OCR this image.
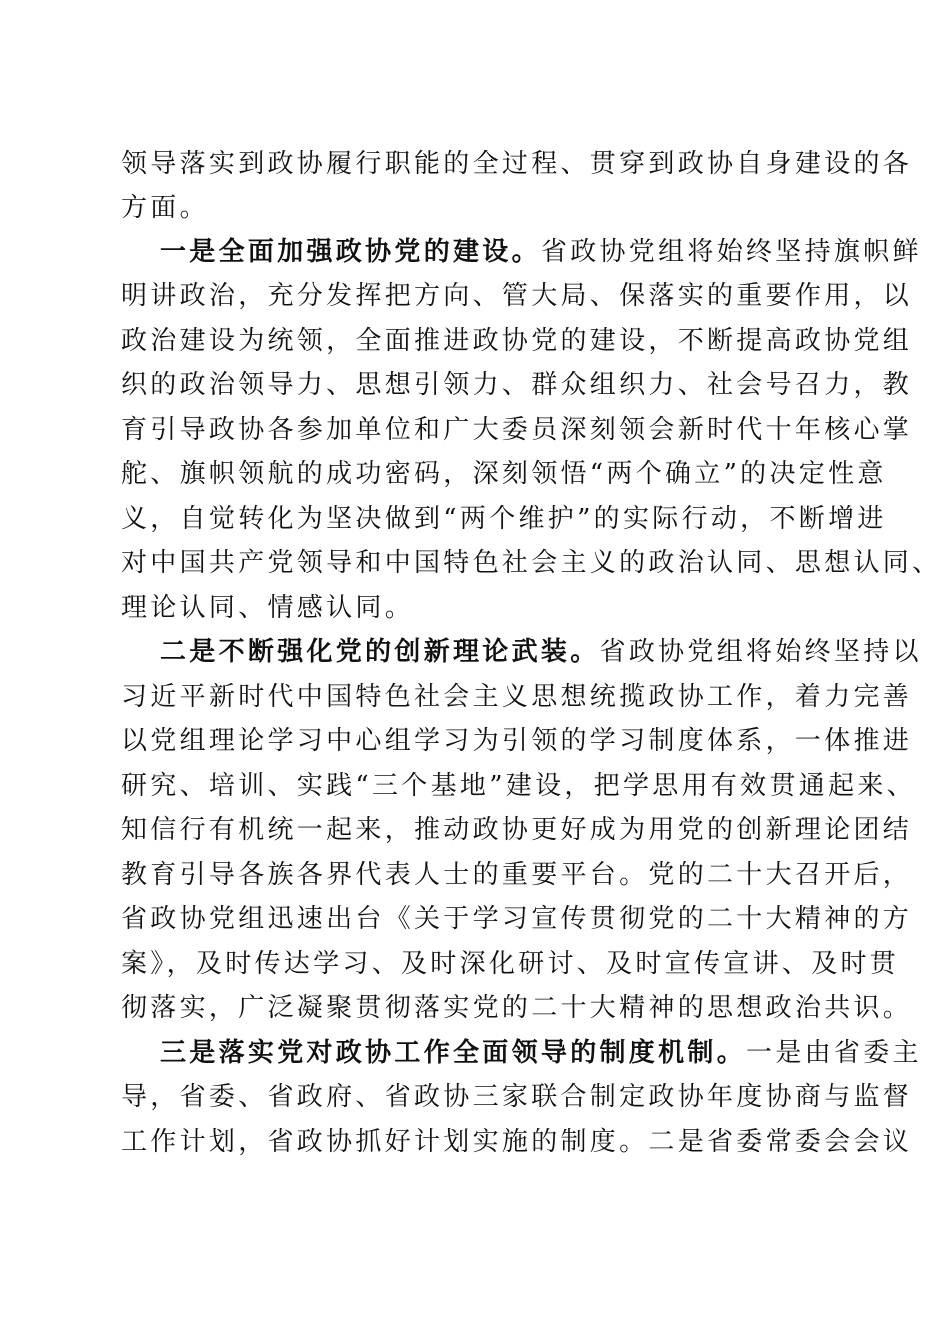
领导落实到政协履行职能的全过程、贯穿到政协自身建设的各
方面。
一是全面加强政协党的建设。省政协党组将始终坚持旗帜鲜
明讲政治，充分发挥把方向、管大局、保落实的重要作用，以
政治建设为统领，全面推进政协党的建设，不断提高政协党组
织的政治领导力、思想引领力、群众组织力、社会号召力，教
育引导政协各参加单位和广大委员深刻领会新时代十年核心掌
舵、旗帜领航的成功密码，深刻领悟“两个确立”的决定性意
义，自觉转化为坚决做到“两个维护”的实际行动，不断增进
对中国共产党领导和中国特色社会主义的政治认同、思想认同、
理论认同、情感认同。
二是不断强化党的创新理论武装。省政协党组将始终坚持以
习近平新时代中国特色社会主义思想统揽政协工作，着力完善
以党组理论学习中心组学习为引领的学习制度体系，一体推进
研究、培训、实践“三个基地”建设，把学思用有效贯通起来、
知信行有机统一起来，推动政协更好成为用党的创新理论团结
教育引导各族各界代表人士的重要平台。党的二十大召开后，
省政协党组迅速出台《关于学习宣传贯彻党的二十大精神的方
案》，及时传达学习、及时深化研讨、及时宣传宣讲、及时贯
彻落实，广泛凝聚贯彻落实党的二十大精神的思想政治共识。
三是落实党对政协工作全面领导的制度机制。一是由省委主
导，省委、省政府、省政协三家联合制定政协年度协商与监督
工作计划，省政协抓好计划实施的制度。二是省委常委会会议
